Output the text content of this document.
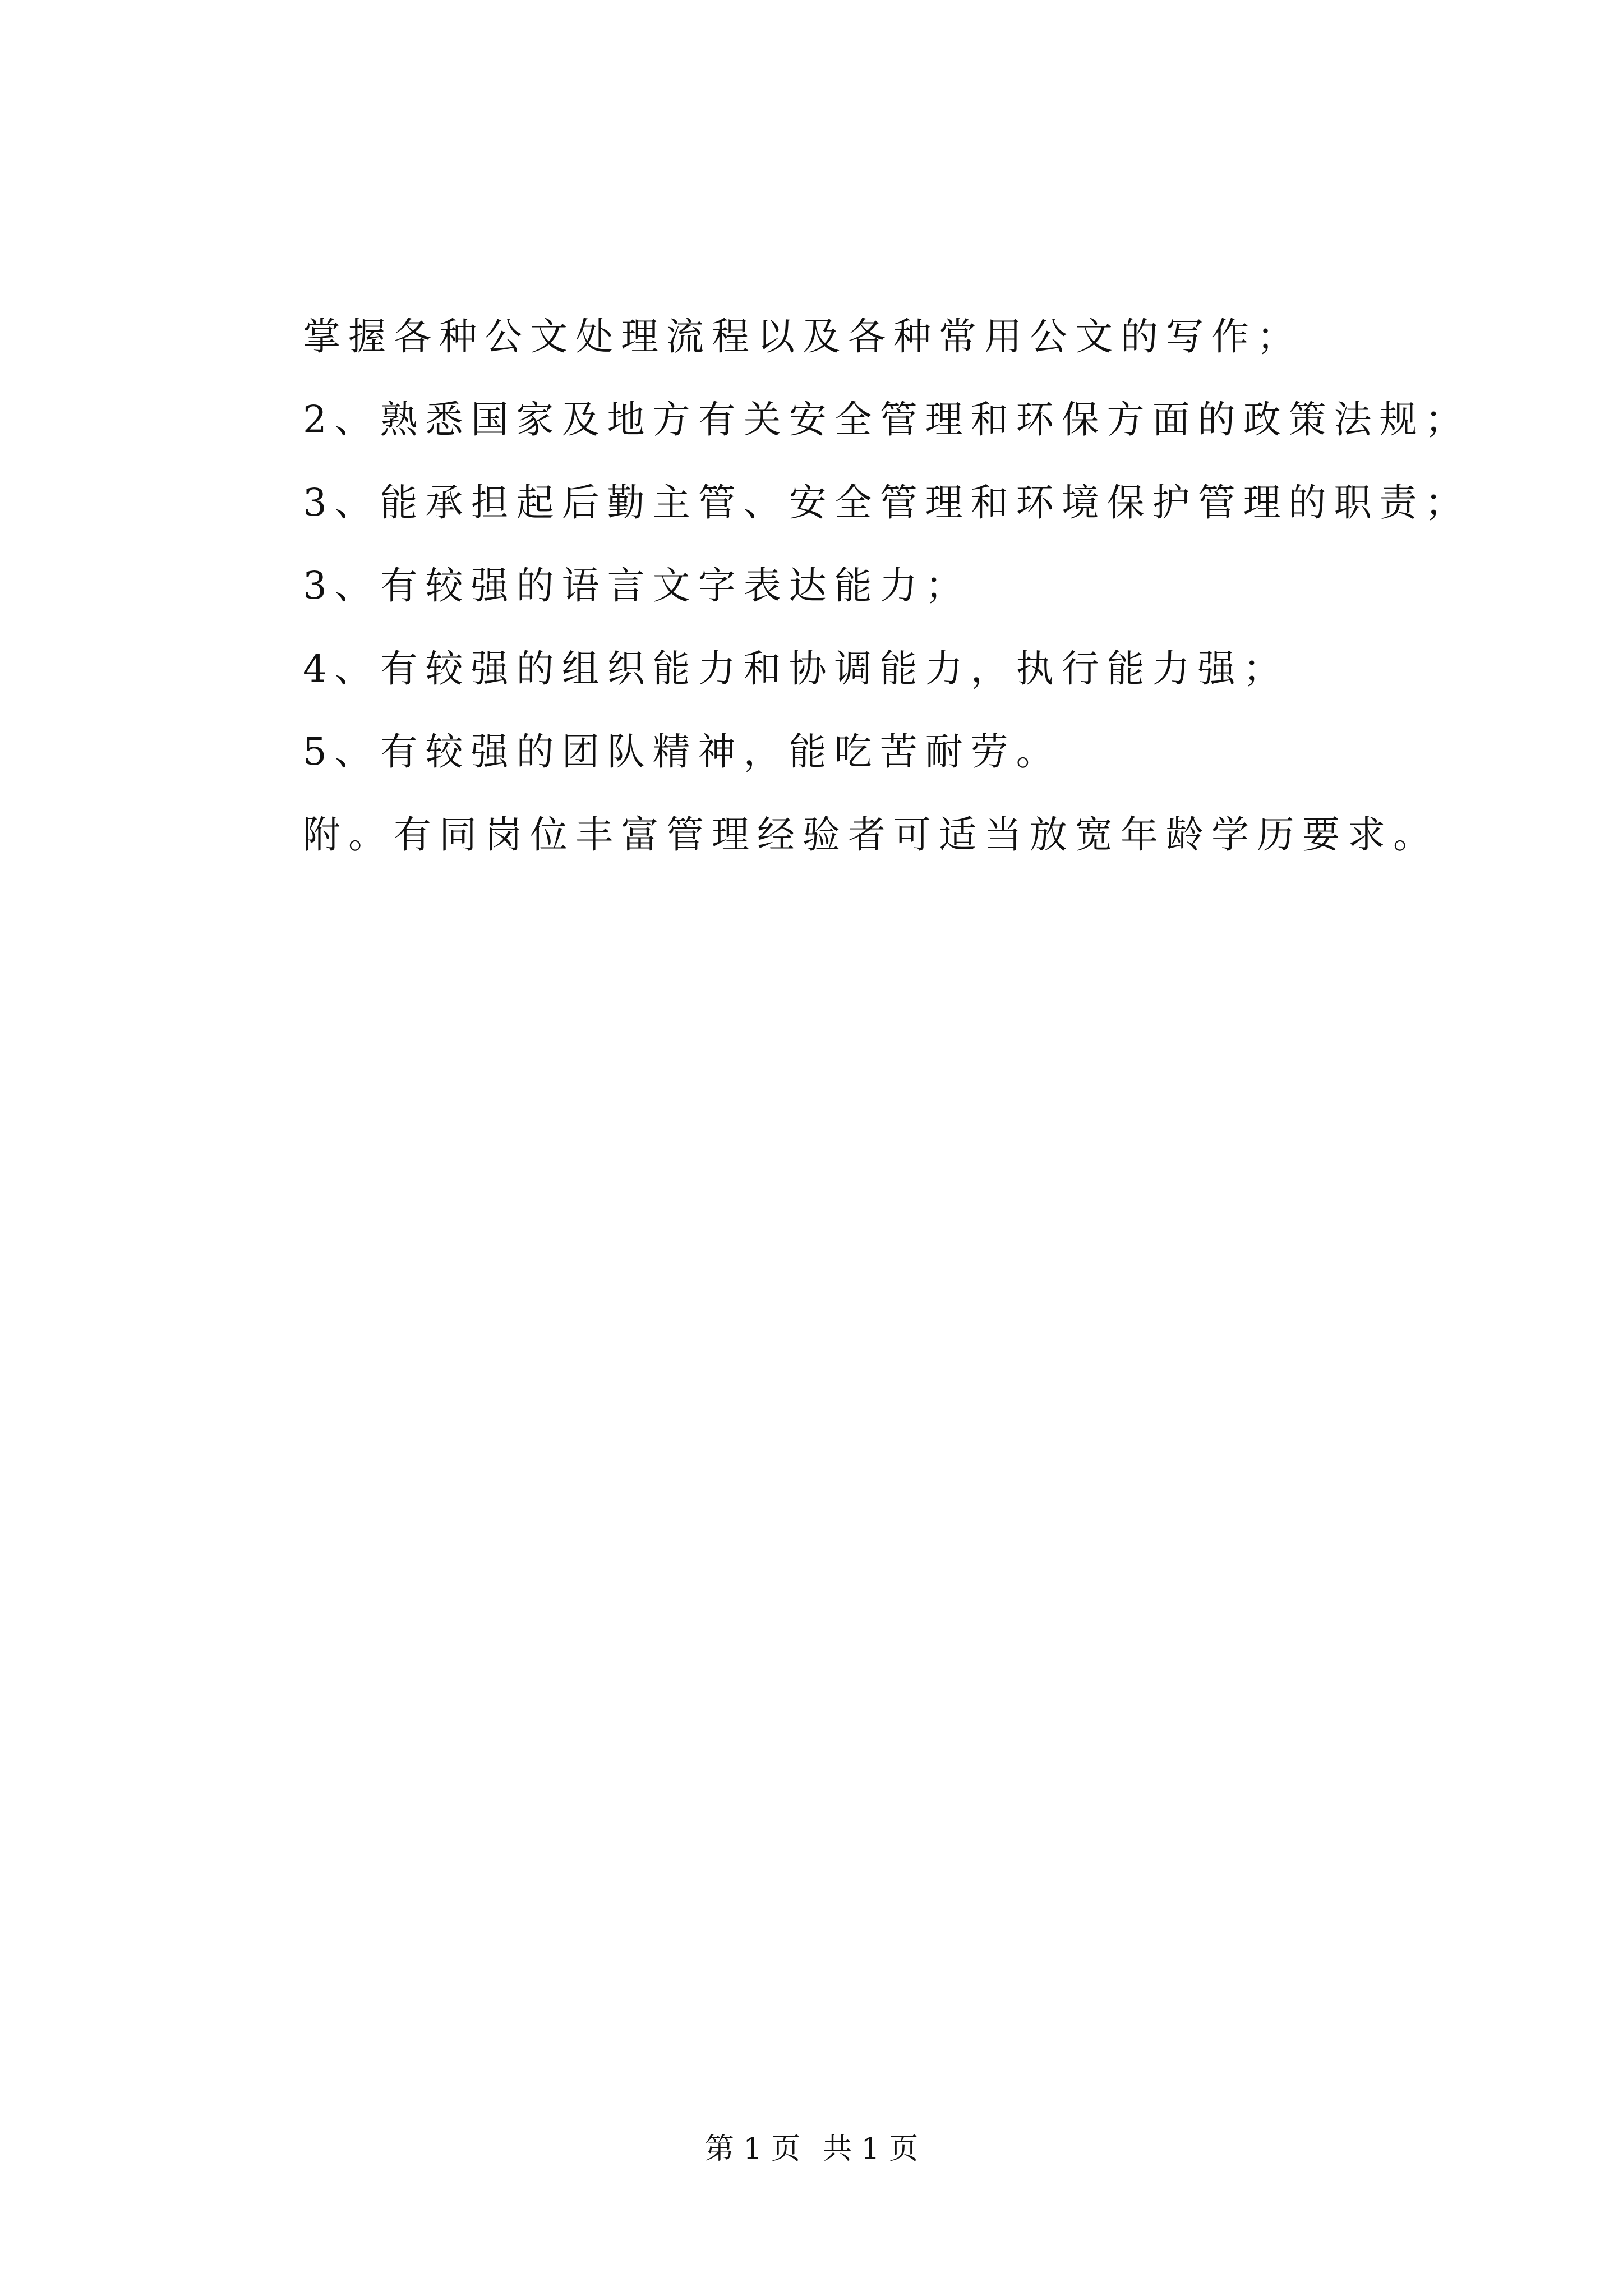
掌握各种公文处理流程以及各种常用公文的写作；
2、熟悉国家及地方有关安全管理和环保方面的政策法规；
3、能承担起后勤主管、安全管理和环境保护管理的职责；
3、有较强的语言文字表达能力；
4、有较强的组织能力和协调能力，执行能力强；
5、有较强的团队精神，能吃苦耐劳。
附。有同岗位丰富管理经验者可适当放宽年龄学历要求。
第 1 页 共 1 页
